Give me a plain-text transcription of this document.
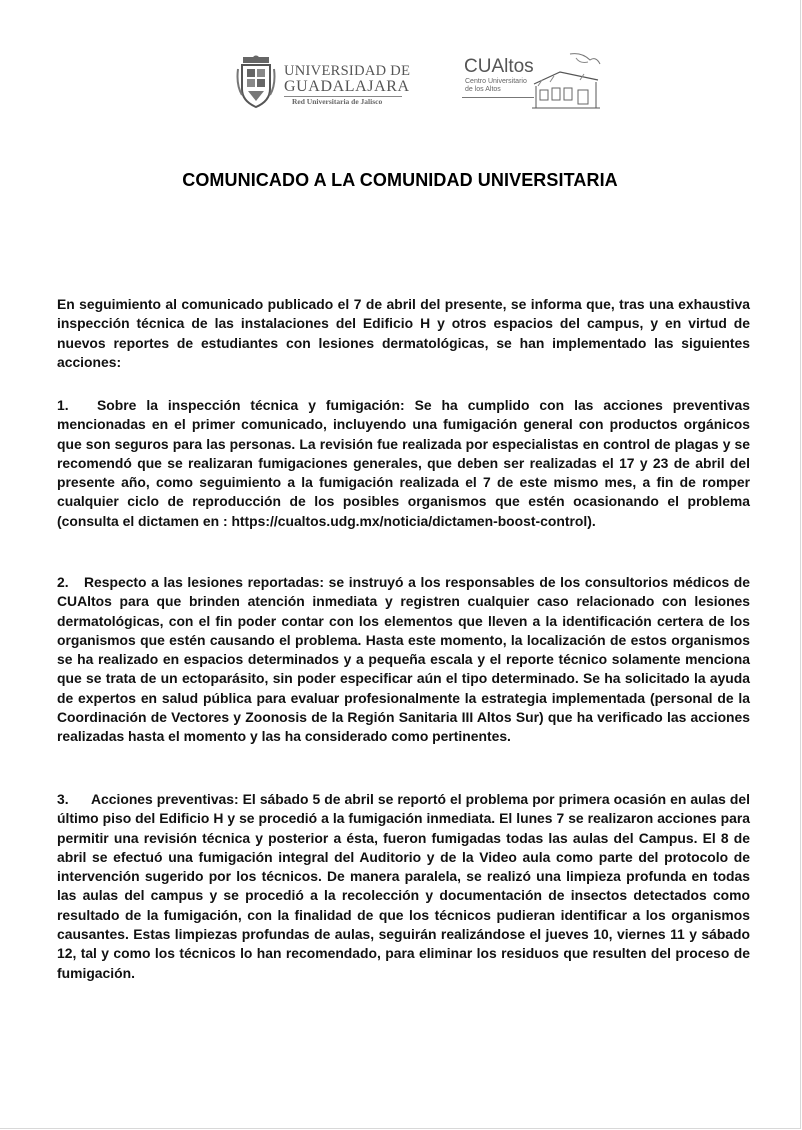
UNIVERSIDAD DE
GUADALAJARA
Red Universitaria de Jalisco
CUAltos
Centro Universitario de los Altos
COMUNICADO A LA COMUNIDAD UNIVERSITARIA
En seguimiento al comunicado publicado el 7 de abril del presente, se informa que, tras una exhaustiva inspección técnica de las instalaciones del Edificio H y otros espacios del campus, y en virtud de nuevos reportes de estudiantes con lesiones dermatológicas, se han implementado las siguientes acciones:
1. Sobre la inspección técnica y fumigación: Se ha cumplido con las acciones preventivas mencionadas en el primer comunicado, incluyendo una fumigación general con productos orgánicos que son seguros para las personas. La revisión fue realizada por especialistas en control de plagas y se recomendó que se realizaran fumigaciones generales, que deben ser realizadas el 17 y 23 de abril del presente año, como seguimiento a la fumigación realizada el 7 de este mismo mes, a fin de romper cualquier ciclo de reproducción de los posibles organismos que estén ocasionando el problema (consulta el dictamen en : https://cualtos.udg.mx/noticia/dictamen-boost-control).
2. Respecto a las lesiones reportadas: se instruyó a los responsables de los consultorios médicos de CUAltos para que brinden atención inmediata y registren cualquier caso relacionado con lesiones dermatológicas, con el fin poder contar con los elementos que lleven a la identificación certera de los organismos que estén causando el problema. Hasta este momento, la localización de estos organismos se ha realizado en espacios determinados y a pequeña escala y el reporte técnico solamente menciona que se trata de un ectoparásito, sin poder especificar aún el tipo determinado. Se ha solicitado la ayuda de expertos en salud pública para evaluar profesionalmente la estrategia implementada (personal de la Coordinación de Vectores y Zoonosis de la Región Sanitaria III Altos Sur) que ha verificado las acciones realizadas hasta el momento y las ha considerado como pertinentes.
3. Acciones preventivas: El sábado 5 de abril se reportó el problema por primera ocasión en aulas del último piso del Edificio H y se procedió a la fumigación inmediata. El lunes 7 se realizaron acciones para permitir una revisión técnica y posterior a ésta, fueron fumigadas todas las aulas del Campus. El 8 de abril se efectuó una fumigación integral del Auditorio y de la Video aula como parte del protocolo de intervención sugerido por los técnicos. De manera paralela, se realizó una limpieza profunda en todas las aulas del campus y se procedió a la recolección y documentación de insectos detectados como resultado de la fumigación, con la finalidad de que los técnicos pudieran identificar a los organismos causantes. Estas limpiezas profundas de aulas, seguirán realizándose el jueves 10, viernes 11 y sábado 12, tal y como los técnicos lo han recomendado, para eliminar los residuos que resulten del proceso de fumigación.
